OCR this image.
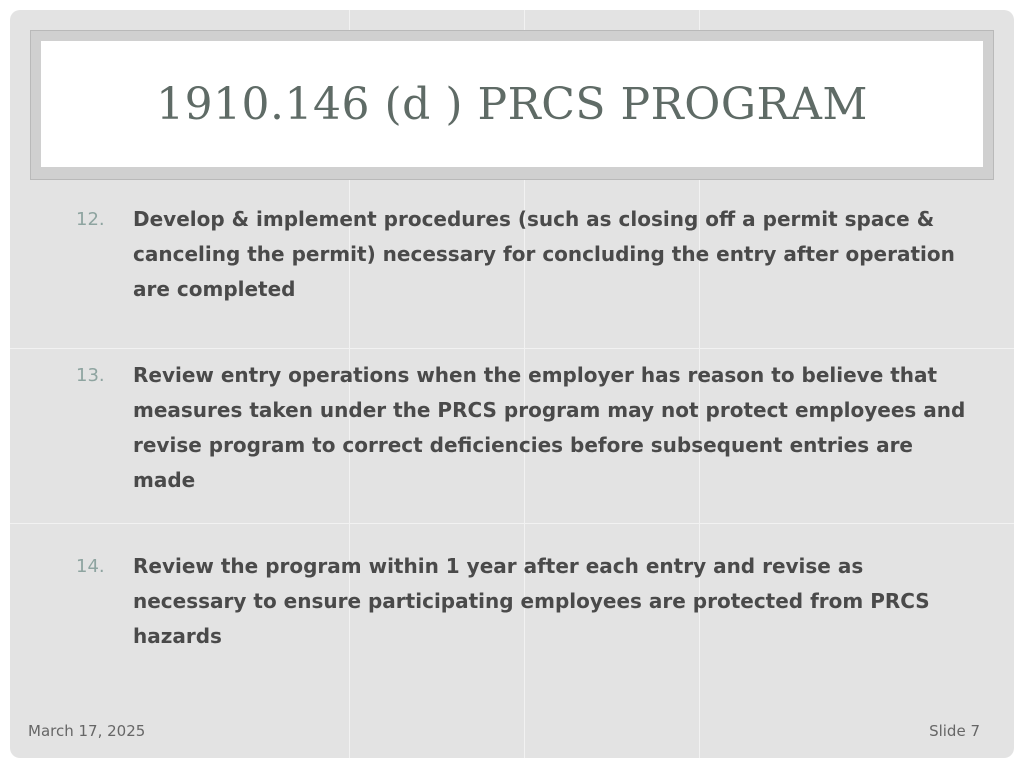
1910.146 (d ) PRCS PROGRAM
12.	Develop & implement procedures (such as closing off a permit space & canceling the permit) necessary for concluding the entry after operation are completed
13.	Review entry operations when the employer has reason to believe that measures taken under the PRCS program may not protect employees and revise program to correct deficiencies before subsequent entries are made
14.	Review the program within 1 year after each entry and revise as necessary to ensure participating employees are protected from PRCS hazards
March 17, 2025	Slide 7
